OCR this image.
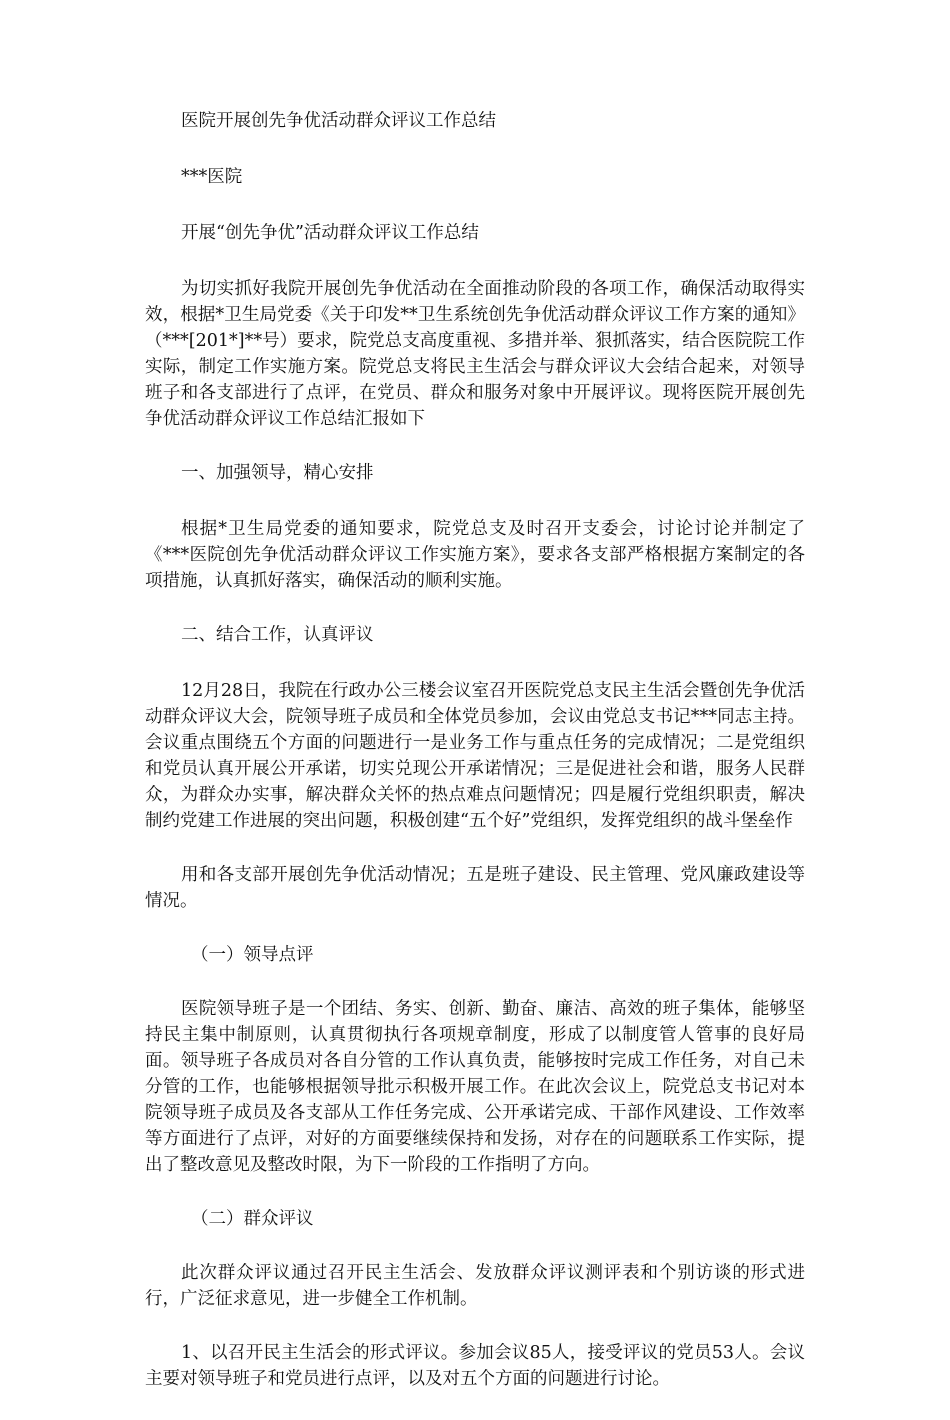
医院开展创先争优活动群众评议工作总结

***医院

开展“创先争优”活动群众评议工作总结

为切实抓好我院开展创先争优活动在全面推动阶段的各项工作，确保活动取得实效，根据*卫生局党委《关于印发**卫生系统创先争优活动群众评议工作方案的通知》（***[201*]**号）要求，院党总支高度重视、多措并举、狠抓落实，结合医院院工作实际，制定工作实施方案。院党总支将民主生活会与群众评议大会结合起来，对领导班子和各支部进行了点评，在党员、群众和服务对象中开展评议。现将医院开展创先争优活动群众评议工作总结汇报如下

一、加强领导，精心安排

根据*卫生局党委的通知要求，院党总支及时召开支委会，讨论讨论并制定了《***医院创先争优活动群众评议工作实施方案》，要求各支部严格根据方案制定的各项措施，认真抓好落实，确保活动的顺利实施。

二、结合工作，认真评议

12月28日，我院在行政办公三楼会议室召开医院党总支民主生活会暨创先争优活动群众评议大会，院领导班子成员和全体党员参加，会议由党总支书记***同志主持。会议重点围绕五个方面的问题进行一是业务工作与重点任务的完成情况；二是党组织和党员认真开展公开承诺，切实兑现公开承诺情况；三是促进社会和谐，服务人民群众，为群众办实事，解决群众关怀的热点难点问题情况；四是履行党组织职责，解决制约党建工作进展的突出问题，积极创建“五个好”党组织，发挥党组织的战斗堡垒作

用和各支部开展创先争优活动情况；五是班子建设、民主管理、党风廉政建设等情况。

（一）领导点评

医院领导班子是一个团结、务实、创新、勤奋、廉洁、高效的班子集体，能够坚持民主集中制原则，认真贯彻执行各项规章制度，形成了以制度管人管事的良好局面。领导班子各成员对各自分管的工作认真负责，能够按时完成工作任务，对自己未分管的工作，也能够根据领导批示积极开展工作。在此次会议上，院党总支书记对本院领导班子成员及各支部从工作任务完成、公开承诺完成、干部作风建设、工作效率等方面进行了点评，对好的方面要继续保持和发扬，对存在的问题联系工作实际，提出了整改意见及整改时限，为下一阶段的工作指明了方向。

（二）群众评议

此次群众评议通过召开民主生活会、发放群众评议测评表和个别访谈的形式进行，广泛征求意见，进一步健全工作机制。

1、以召开民主生活会的形式评议。参加会议85人，接受评议的党员53人。会议主要对领导班子和党员进行点评，以及对五个方面的问题进行讨论。
